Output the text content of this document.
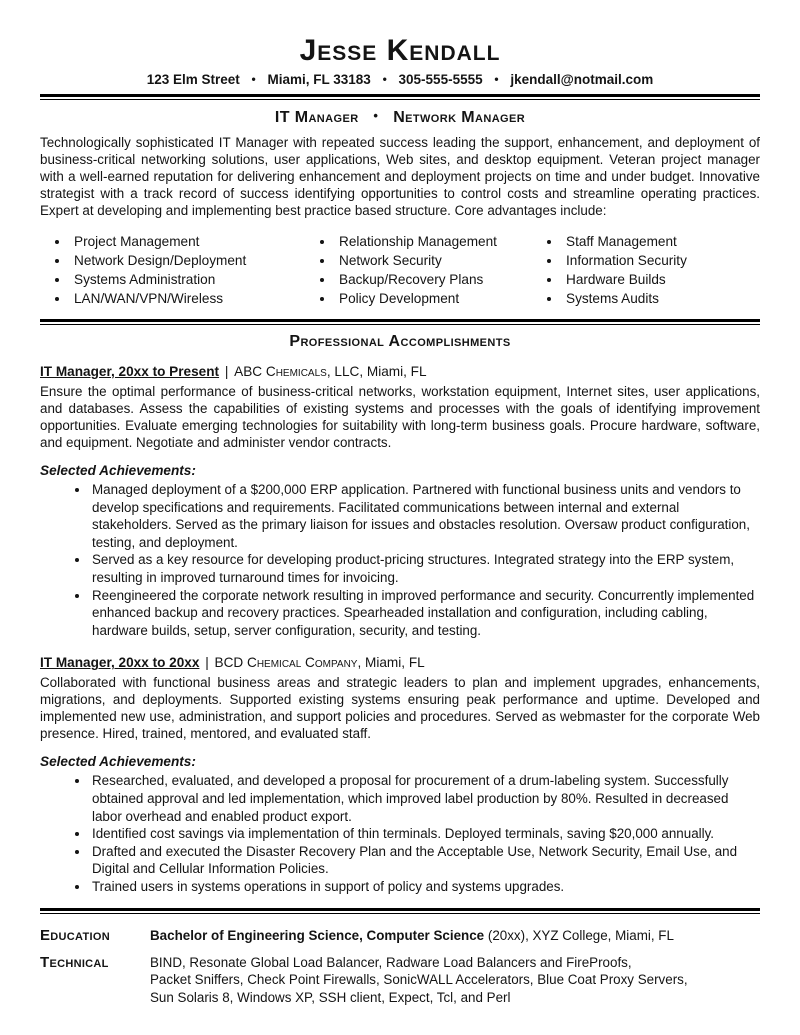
Jesse Kendall
123 Elm Street • Miami, FL 33183 • 305-555-5555 • jkendall@notmail.com
IT Manager • Network Manager
Technologically sophisticated IT Manager with repeated success leading the support, enhancement, and deployment of business-critical networking solutions, user applications, Web sites, and desktop equipment. Veteran project manager with a well-earned reputation for delivering enhancement and deployment projects on time and under budget. Innovative strategist with a track record of success identifying opportunities to control costs and streamline operating practices. Expert at developing and implementing best practice based structure. Core advantages include:
• Project Management
• Network Design/Deployment
• Systems Administration
• LAN/WAN/VPN/Wireless
• Relationship Management
• Network Security
• Backup/Recovery Plans
• Policy Development
• Staff Management
• Information Security
• Hardware Builds
• Systems Audits
Professional Accomplishments
IT Manager, 20xx to Present | ABC Chemicals, LLC, Miami, FL
Ensure the optimal performance of business-critical networks, workstation equipment, Internet sites, user applications, and databases. Assess the capabilities of existing systems and processes with the goals of identifying improvement opportunities. Evaluate emerging technologies for suitability with long-term business goals. Procure hardware, software, and equipment. Negotiate and administer vendor contracts.
Selected Achievements:
• Managed deployment of a $200,000 ERP application. Partnered with functional business units and vendors to develop specifications and requirements. Facilitated communications between internal and external stakeholders. Served as the primary liaison for issues and obstacles resolution. Oversaw product configuration, testing, and deployment.
• Served as a key resource for developing product-pricing structures. Integrated strategy into the ERP system, resulting in improved turnaround times for invoicing.
• Reengineered the corporate network resulting in improved performance and security. Concurrently implemented enhanced backup and recovery practices. Spearheaded installation and configuration, including cabling, hardware builds, setup, server configuration, security, and testing.
IT Manager, 20xx to 20xx | BCD Chemical Company, Miami, FL
Collaborated with functional business areas and strategic leaders to plan and implement upgrades, enhancements, migrations, and deployments. Supported existing systems ensuring peak performance and uptime. Developed and implemented new use, administration, and support policies and procedures. Served as webmaster for the corporate Web presence. Hired, trained, mentored, and evaluated staff.
Selected Achievements:
• Researched, evaluated, and developed a proposal for procurement of a drum-labeling system. Successfully obtained approval and led implementation, which improved label production by 80%. Resulted in decreased labor overhead and enabled product export.
• Identified cost savings via implementation of thin terminals. Deployed terminals, saving $20,000 annually.
• Drafted and executed the Disaster Recovery Plan and the Acceptable Use, Network Security, Email Use, and Digital and Cellular Information Policies.
• Trained users in systems operations in support of policy and systems upgrades.
Education	Bachelor of Engineering Science, Computer Science (20xx), XYZ College, Miami, FL
Technical	BIND, Resonate Global Load Balancer, Radware Load Balancers and FireProofs,
Packet Sniffers, Check Point Firewalls, SonicWALL Accelerators, Blue Coat Proxy Servers,
Sun Solaris 8, Windows XP, SSH client, Expect, Tcl, and Perl
